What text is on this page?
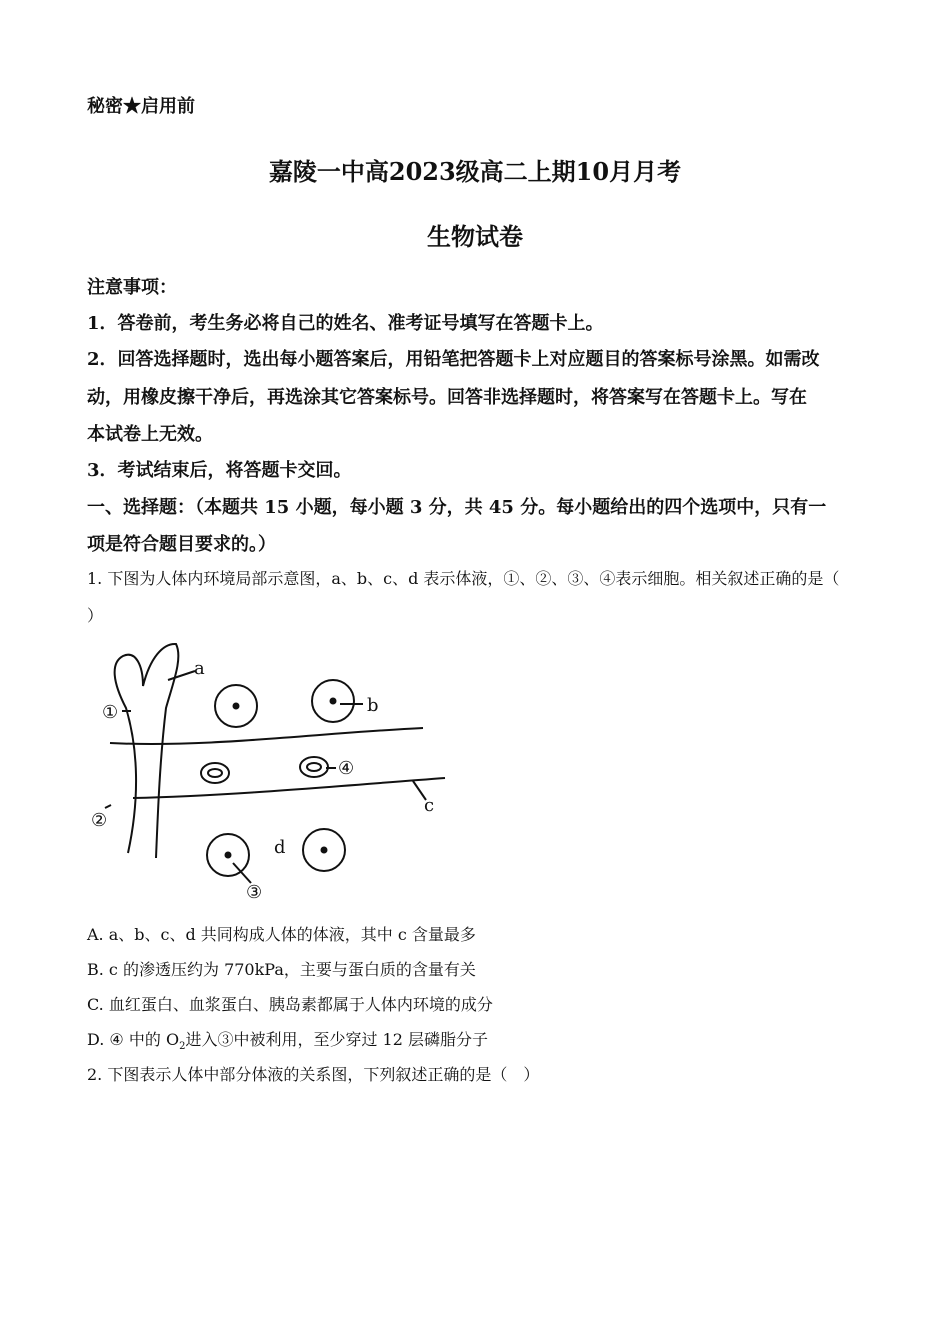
秘密★启用前
嘉陵一中高2023级高二上期10月月考
生物试卷
注意事项：
1．答卷前，考生务必将自己的姓名、准考证号填写在答题卡上。
2．回答选择题时，选出每小题答案后，用铅笔把答题卡上对应题目的答案标号涂黑。如需改
动，用橡皮擦干净后，再选涂其它答案标号。回答非选择题时，将答案写在答题卡上。写在
本试卷上无效。
3．考试结束后，将答题卡交回。
一、选择题：（本题共 15 小题，每小题 3 分，共 45 分。每小题给出的四个选项中，只有一
项是符合题目要求的。）
1. 下图为人体内环境局部示意图，a、b、c、d 表示体液，①、②、③、④表示细胞。相关叙述正确的是（
）
a
b
c
d
①
②
③
④
A. a、b、c、d 共同构成人体的体液，其中 c 含量最多
B. c 的渗透压约为 770kPa，主要与蛋白质的含量有关
C. 血红蛋白、血浆蛋白、胰岛素都属于人体内环境的成分
D. ④ 中的 $O_2$进入③中被利用，至少穿过 12 层磷脂分子
2. 下图表示人体中部分体液的关系图，下列叙述正确的是（　）
